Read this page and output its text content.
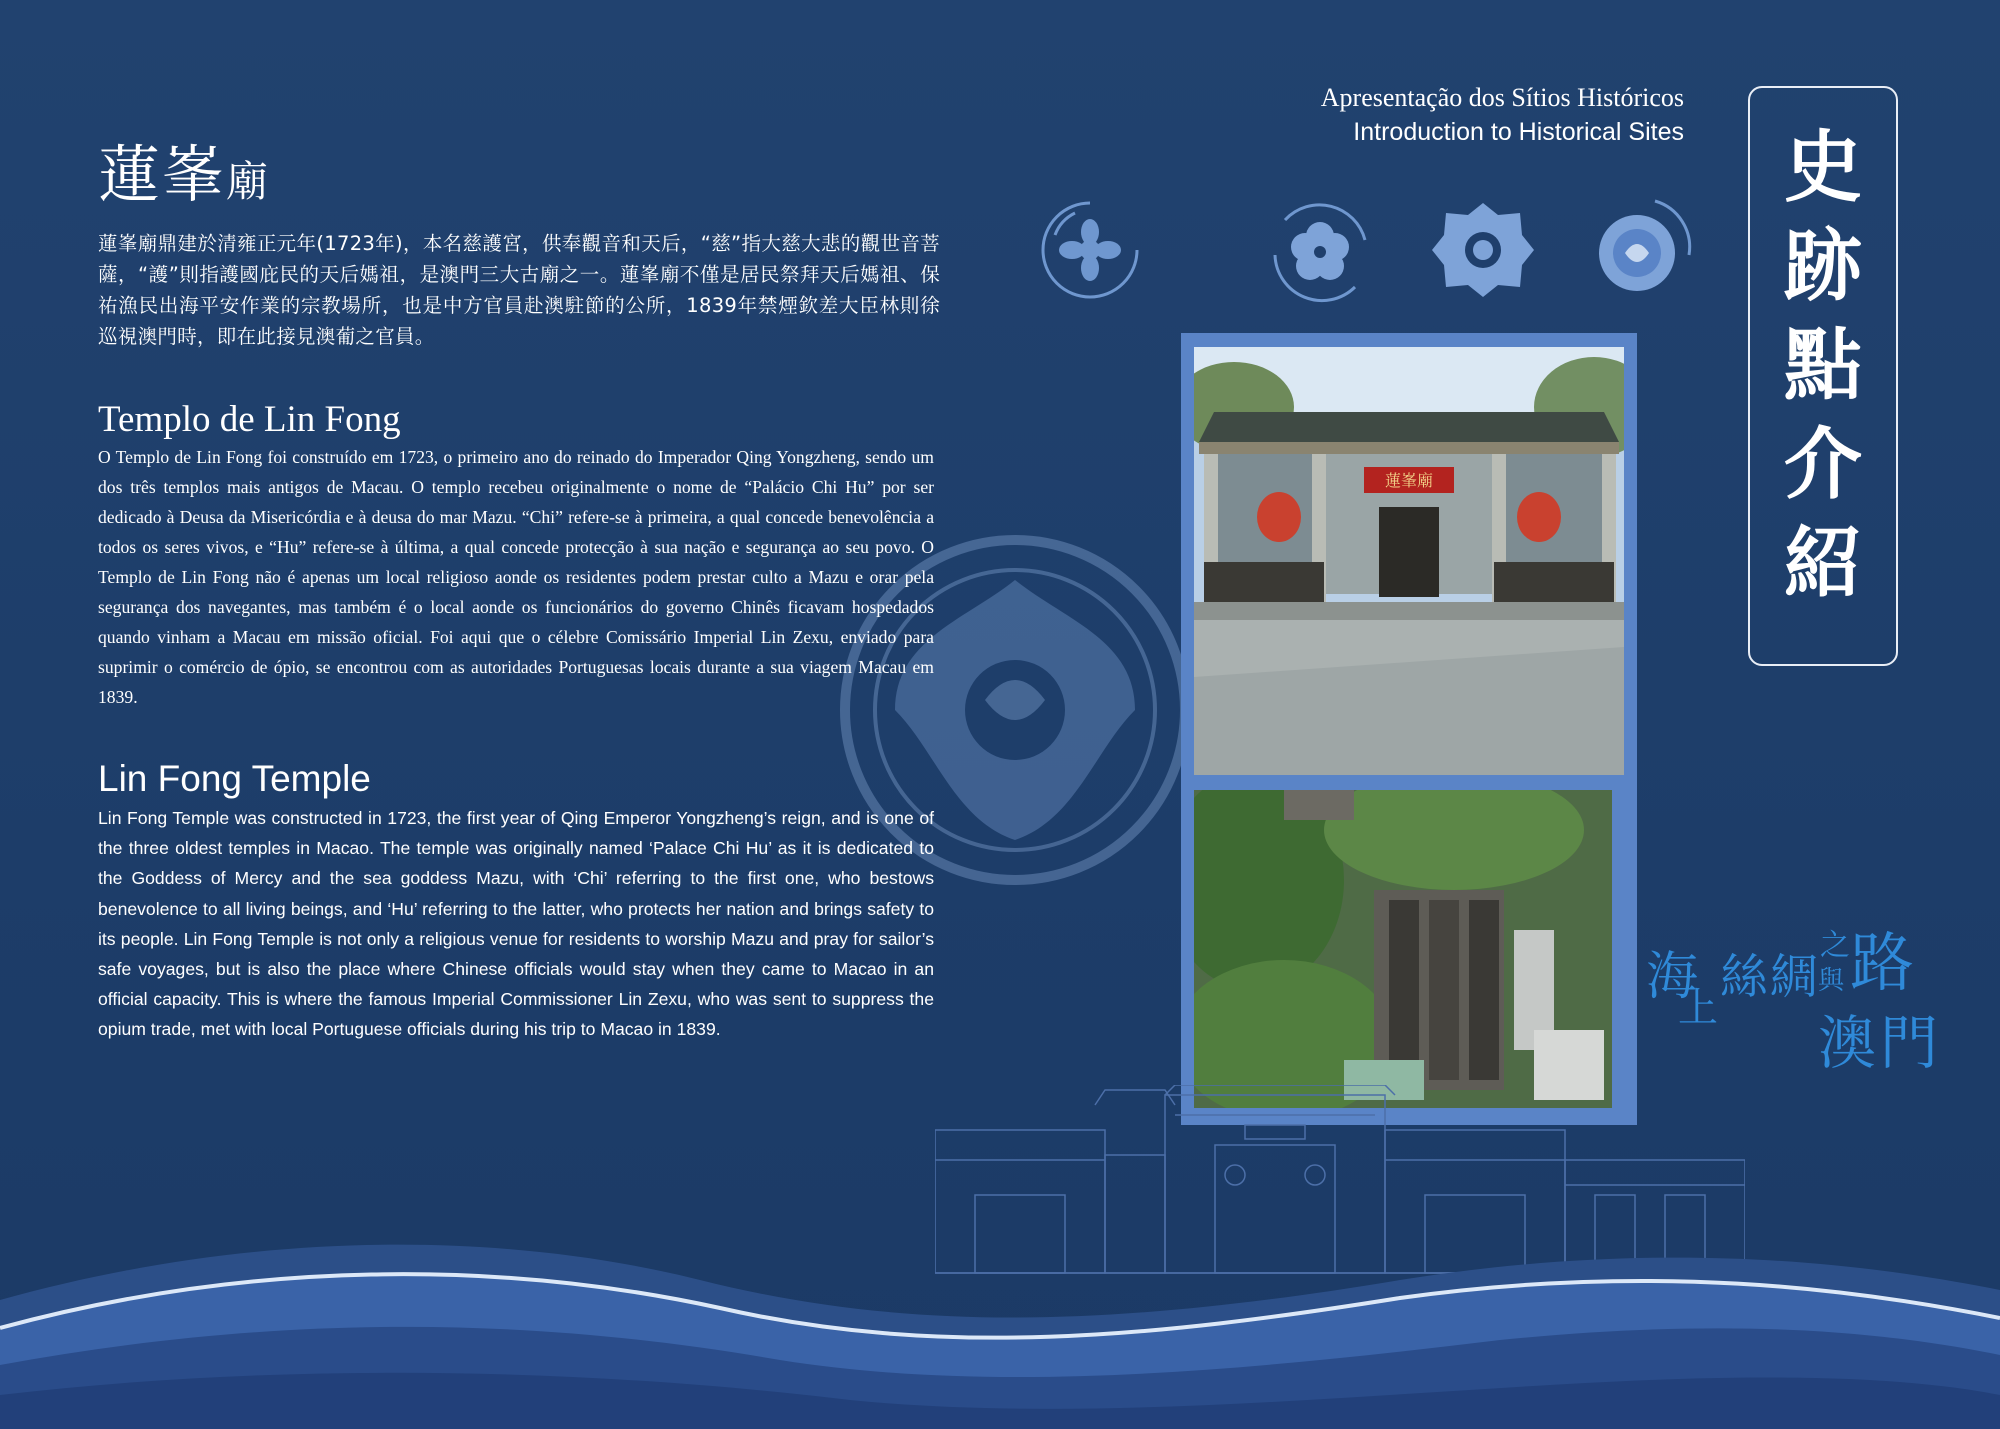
蓮峯廟
蓮峯廟鼎建於清雍正元年(1723年)，本名慈護宮，供奉觀音和天后，“慈”指大慈大悲的觀世音菩薩，“護”則指護國庇民的天后媽祖，是澳門三大古廟之一。蓮峯廟不僅是居民祭拜天后媽祖、保祐漁民出海平安作業的宗教場所，也是中方官員赴澳駐節的公所，1839年禁煙欽差大臣林則徐巡視澳門時，即在此接見澳葡之官員。
Templo de Lin Fong
O Templo de Lin Fong foi construído em 1723, o primeiro ano do reinado do Imperador Qing Yongzheng, sendo um dos três templos mais antigos de Macau. O templo recebeu originalmente o nome de “Palácio Chi Hu” por ser dedicado à Deusa da Misericórdia e à deusa do mar Mazu. “Chi” refere-se à primeira, a qual concede benevolência a todos os seres vivos, e “Hu” refere-se à última, a qual concede protecção à sua nação e segurança ao seu povo. O Templo de Lin Fong não é apenas um local religioso aonde os residentes podem prestar culto a Mazu e orar pela segurança dos navegantes, mas também é o local aonde os funcionários do governo Chinês ficavam hospedados quando vinham a Macau em missão oficial. Foi aqui que o célebre Comissário Imperial Lin Zexu, enviado para suprimir o comércio de ópio, se encontrou com as autoridades Portuguesas locais durante a sua viagem Macau em 1839.
Lin Fong Temple
Lin Fong Temple was constructed in 1723, the first year of Qing Emperor Yongzheng’s reign, and is one of the three oldest temples in Macao. The temple was originally named ‘Palace Chi Hu’ as it is dedicated to the Goddess of Mercy and the sea goddess Mazu, with ‘Chi’ referring to the first one, who bestows benevolence to all living beings, and ‘Hu’ referring to the latter, who protects her nation and brings safety to its people. Lin Fong Temple is not only a religious venue for residents to worship Mazu and pray for sailor’s safe voyages, but is also the place where Chinese officials would stay when they came to Macao in an official capacity. This is where the famous Imperial Commissioner Lin Zexu, who was sent to suppress the opium trade, met with local Portuguese officials during his trip to Macao in 1839.
Apresentação dos Sítios Históricos
Introduction to Historical Sites	史
跡
點
介
紹
蓮峯廟
海
上
絲 綢
之 路
與
澳 門
